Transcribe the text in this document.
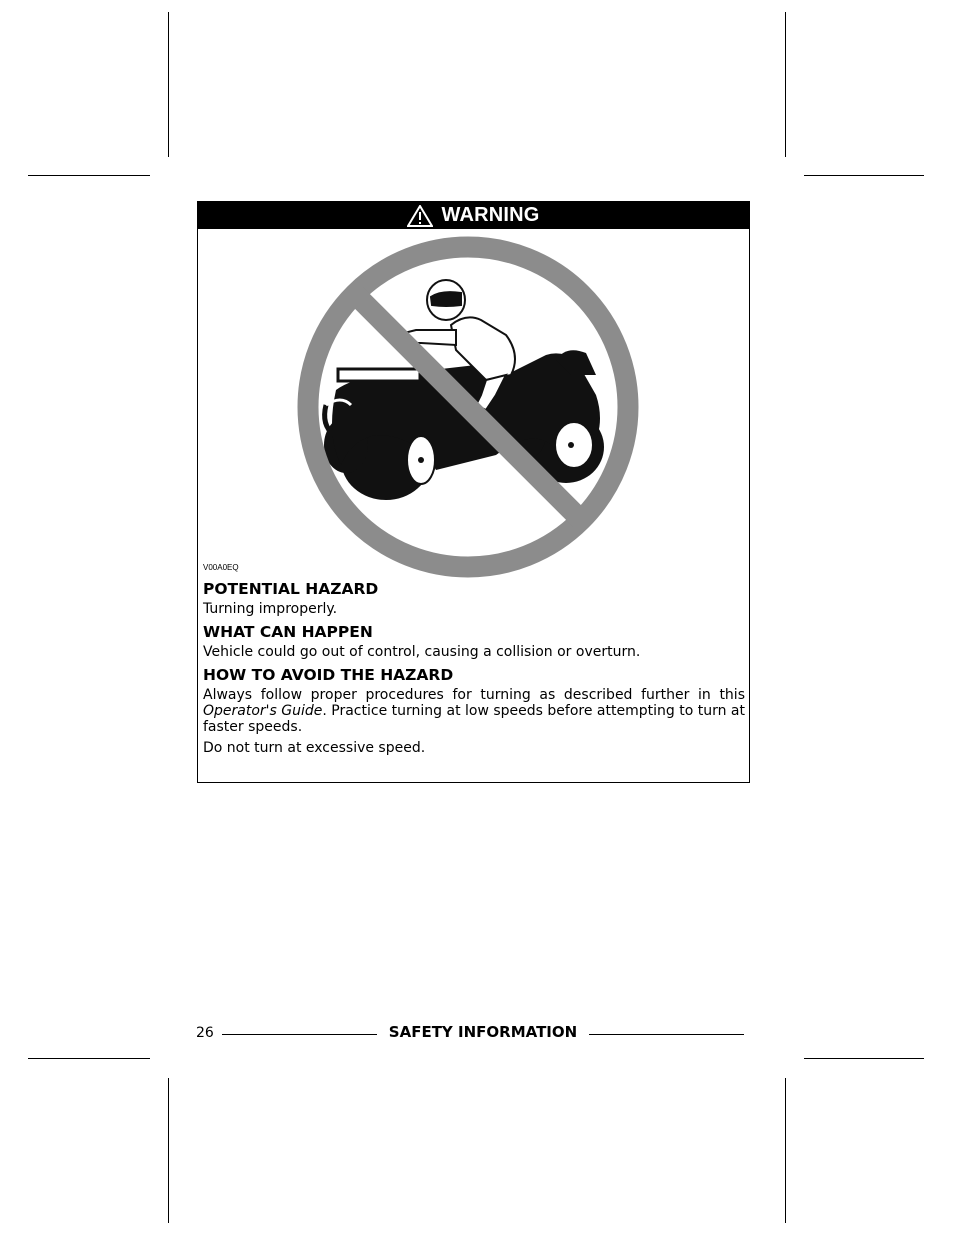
WARNING
V00A0EQ
POTENTIAL HAZARD

Turning improperly.

WHAT CAN HAPPEN

Vehicle could go out of control, causing a collision or overturn.

HOW TO AVOID THE HAZARD

Always follow proper procedures for turning as described further in this Operator's Guide. Practice turning at low speeds before attempting to turn at faster speeds.

Do not turn at excessive speed.

26	SAFETY INFORMATION
